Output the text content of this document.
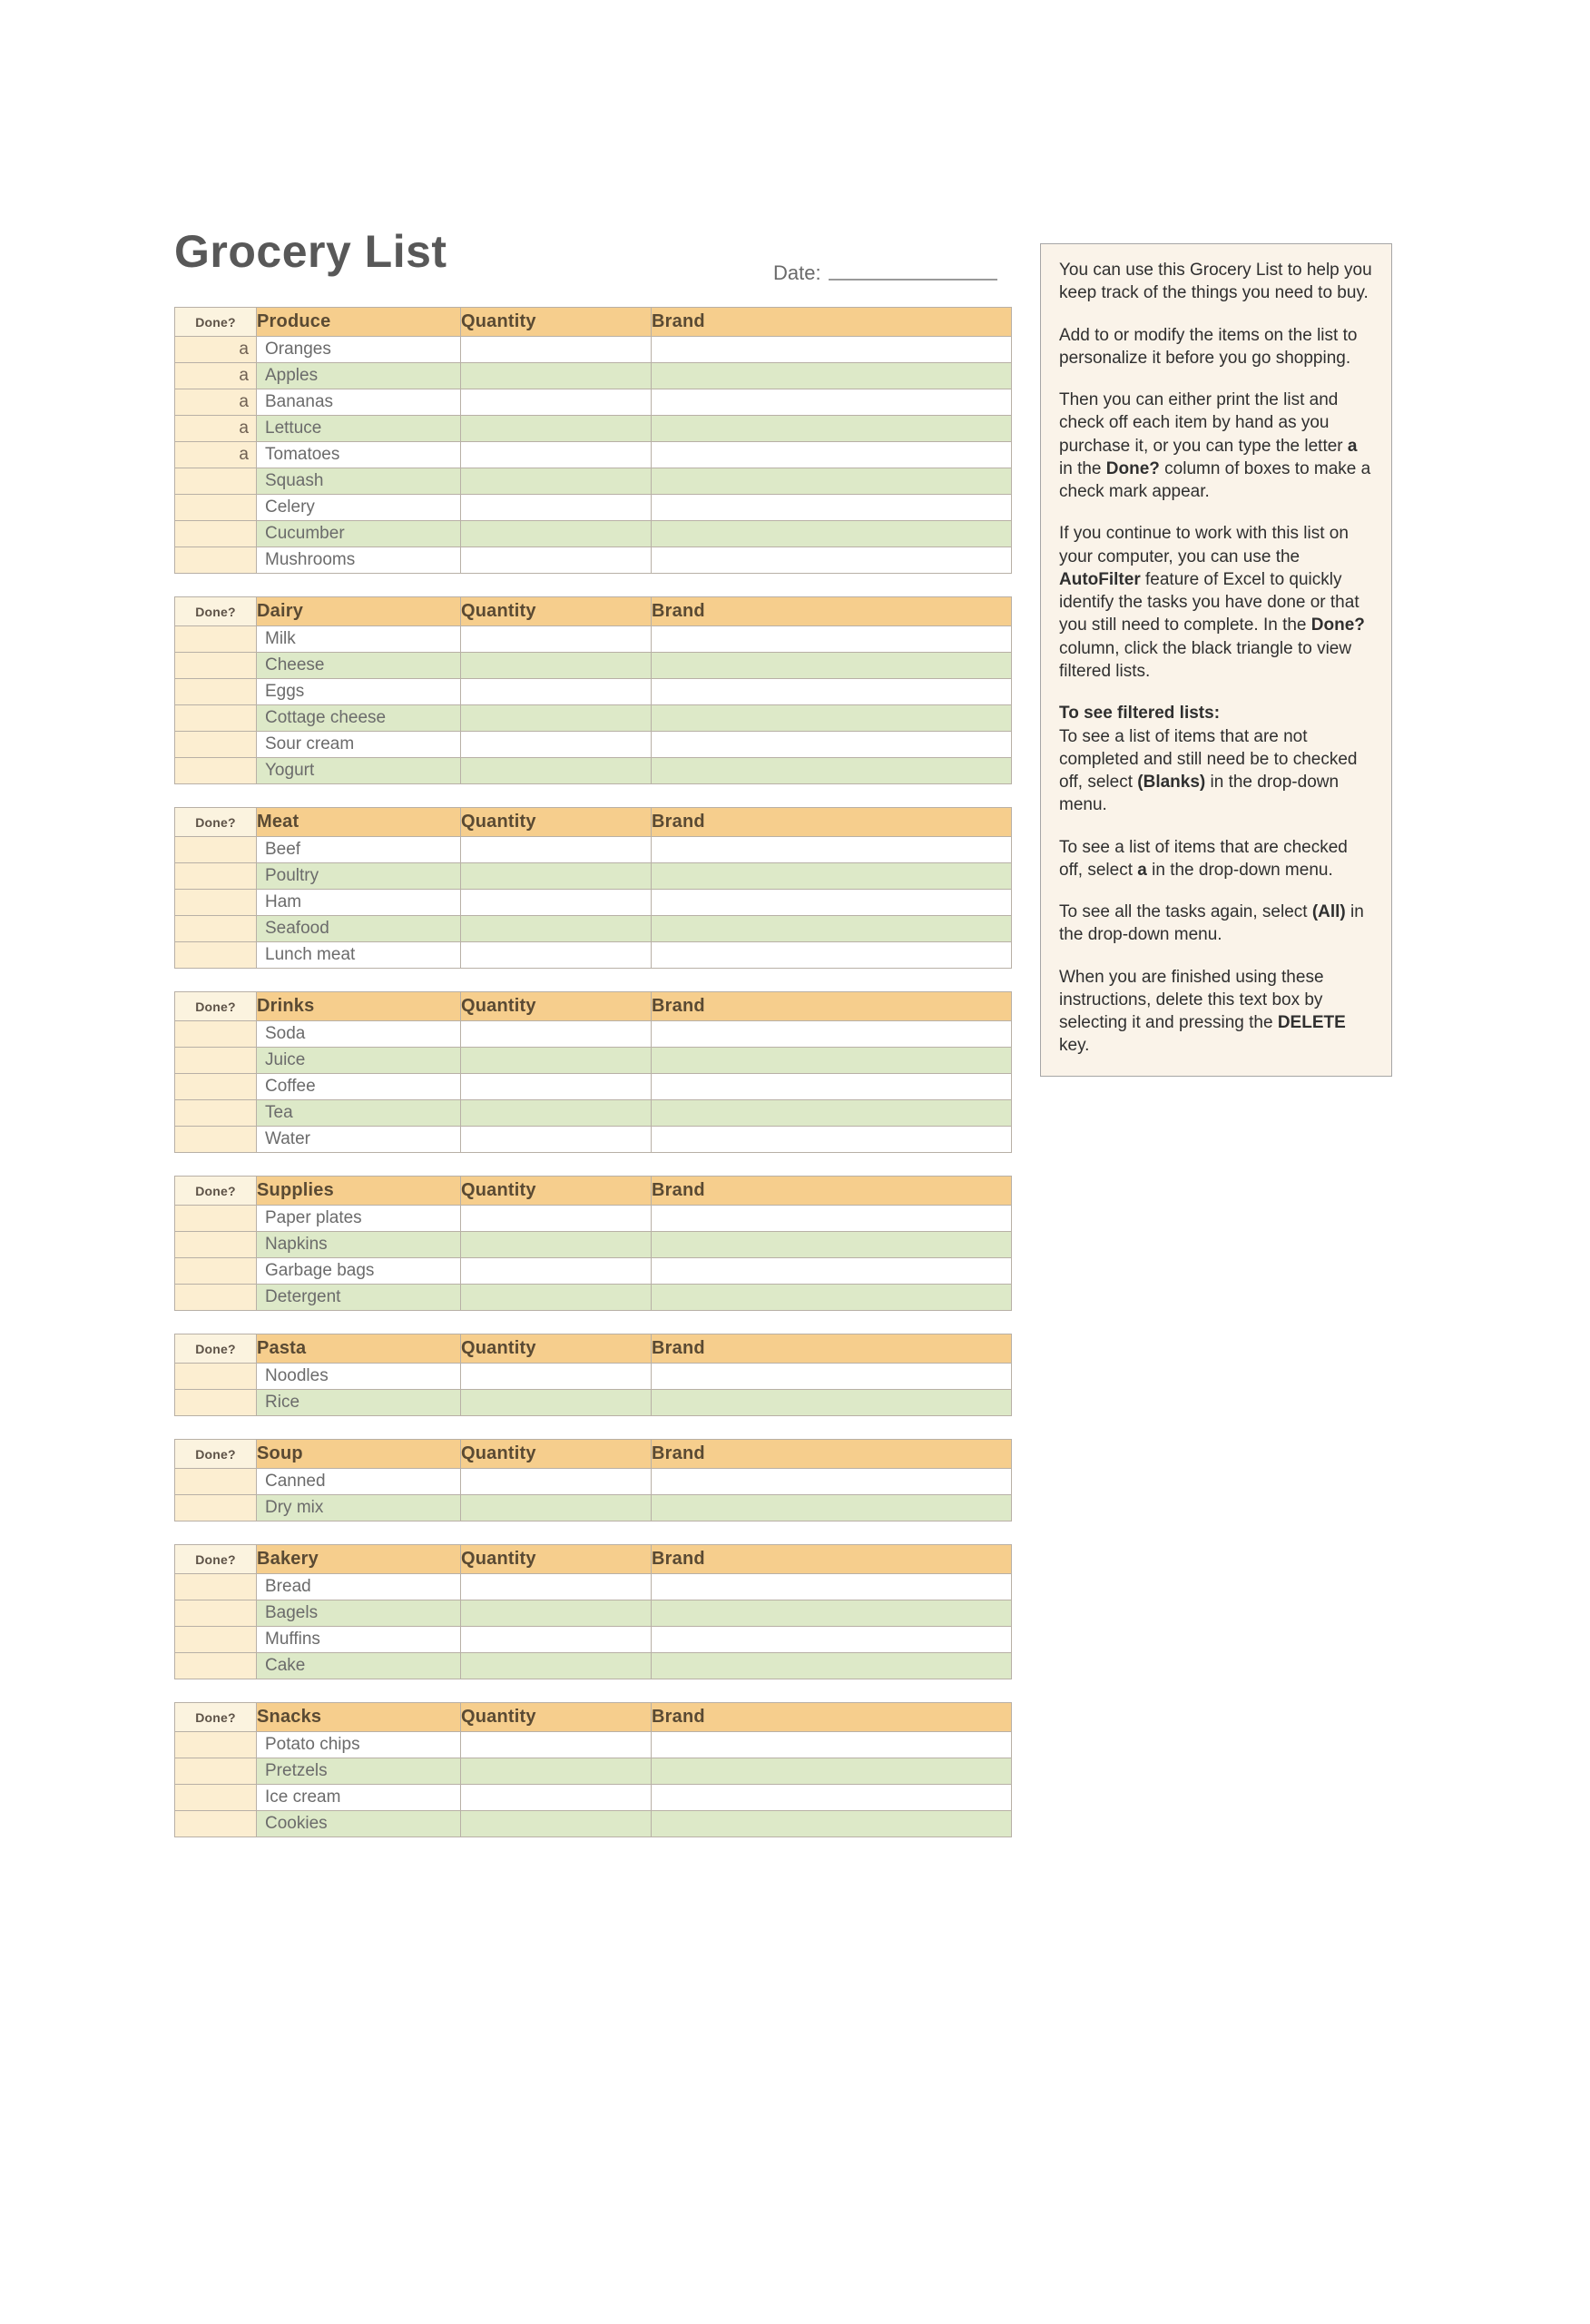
Grocery List	Date:
Done?	Produce	Quantity	Brand
a	Oranges		
a	Apples		
a	Bananas		
a	Lettuce		
a	Tomatoes		
	Squash		
	Celery		
	Cucumber		
	Mushrooms		
Done?	Dairy	Quantity	Brand
	Milk		
	Cheese		
	Eggs		
	Cottage cheese		
	Sour cream		
	Yogurt		
Done?	Meat	Quantity	Brand
	Beef		
	Poultry		
	Ham		
	Seafood		
	Lunch meat		
Done?	Drinks	Quantity	Brand
	Soda		
	Juice		
	Coffee		
	Tea		
	Water		
Done?	Supplies	Quantity	Brand
	Paper plates		
	Napkins		
	Garbage bags		
	Detergent		
Done?	Pasta	Quantity	Brand
	Noodles		
	Rice		
Done?	Soup	Quantity	Brand
	Canned		
	Dry mix		
Done?	Bakery	Quantity	Brand
	Bread		
	Bagels		
	Muffins		
	Cake		
Done?	Snacks	Quantity	Brand
	Potato chips		
	Pretzels		
	Ice cream		
	Cookies		

You can use this Grocery List to help you keep track of the things you need to buy.

Add to or modify the items on the list to personalize it before you go shopping.

Then you can either print the list and check off each item by hand as you purchase it, or you can type the letter a in the Done? column of boxes to make a check mark appear.

If you continue to work with this list on your computer, you can use the AutoFilter feature of Excel to quickly identify the tasks you have done or that you still need to complete. In the Done? column, click the black triangle to view filtered lists.

To see filtered lists:
To see a list of items that are not completed and still need be to checked off, select (Blanks) in the drop-down menu.

To see a list of items that are checked off, select a in the drop-down menu.

To see all the tasks again, select (All) in the drop-down menu.

When you are finished using these instructions, delete this text box by selecting it and pressing the DELETE key.
